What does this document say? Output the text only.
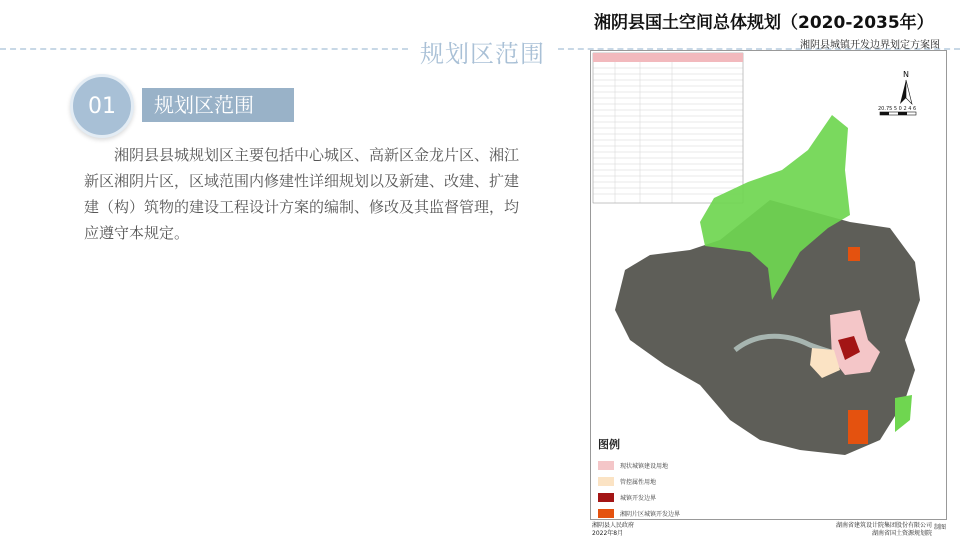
规划区范围
01	规划区范围
湘阴县县城规划区主要包括中心城区、高新区金龙片区、湘江新区湘阴片区，区域范围内修建性详细规划以及新建、改建、扩建建（构）筑物的建设工程设计方案的编制、修改及其监督管理，均应遵守本规定。
湘阴县国土空间总体规划（2020-2035年）
湘阴县城镇开发边界划定方案图
N
20.75 5 0 2 4 6
图例
现状城镇建设用地
管控属性用地
城镇开发边界
湘阴片区城镇开发边界
湘阴县人民政府
2022年8月
湖南省建筑设计院集团股份有限公司
湖南省国土资源规划院
制图
